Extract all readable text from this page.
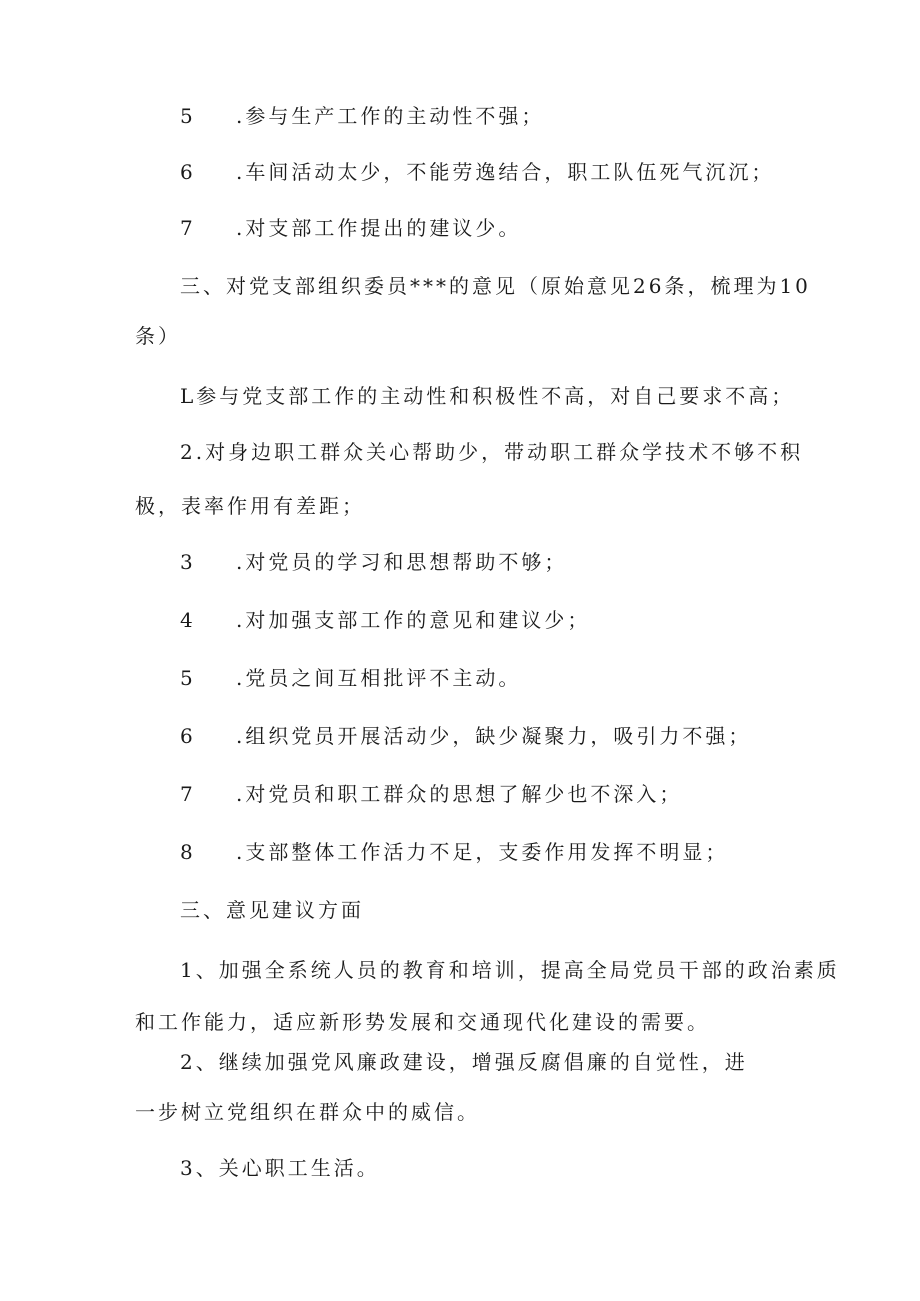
5 .参与生产工作的主动性不强；
6 .车间活动太少，不能劳逸结合，职工队伍死气沉沉；
7 .对支部工作提出的建议少。
三、对党支部组织委员***的意见（原始意见26条，梳理为10
条）
L参与党支部工作的主动性和积极性不高，对自己要求不高；
2.对身边职工群众关心帮助少，带动职工群众学技术不够不积
极，表率作用有差距；
3 .对党员的学习和思想帮助不够；
4 .对加强支部工作的意见和建议少；
5 .党员之间互相批评不主动。
6 .组织党员开展活动少，缺少凝聚力，吸引力不强；
7 .对党员和职工群众的思想了解少也不深入；
8 .支部整体工作活力不足，支委作用发挥不明显；
三、意见建议方面
1、加强全系统人员的教育和培训，提高全局党员干部的政治素质
和工作能力，适应新形势发展和交通现代化建设的需要。
2、继续加强党风廉政建设，增强反腐倡廉的自觉性，进
一步树立党组织在群众中的威信。
3、关心职工生活。
